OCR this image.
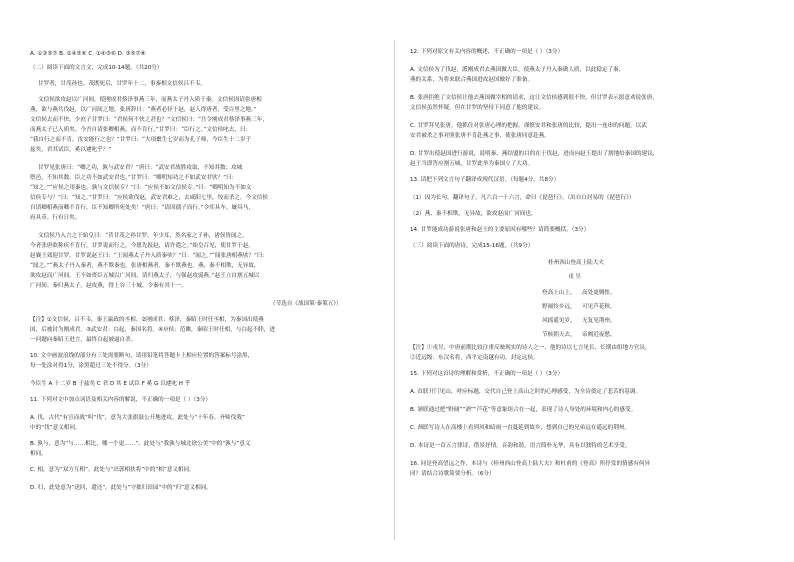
A. ①③⑤⑦ B. ②④⑤⑥ C. ①④⑤⑥ D. ③⑤⑦⑧
（二）阅读下面的文言文，完成10-14题。（共20分）
甘罗者，甘茂孙也。茂既死后，甘罗年十二，事秦相文信侯吕不韦。
文信侯欲攻赵以广河间，使刚成君蔡泽事燕三年，而燕太子丹入质于秦。文信侯因请张唐相
燕，欲与燕共伐赵，以广河间之地。张唐辞曰：“燕者必径于赵，赵人得唐者，受百里之地。”
文信侯去而不快。少庶子甘罗曰：“君侯何不快之甚也？”文信侯曰：“吾令刚成君蔡泽事燕三年，
而燕太子已入质矣。今吾自请张卿相燕，而不肯行。”甘罗曰：“臣行之。”文信侯叱去，曰：
“我自行之而不肯，汝安能行之也？”甘罗曰：“夫项橐生七岁而为孔子师，今臣生十二岁于
兹矣，君其试臣，奚以遽叱乎？”
甘罗见张唐曰：“卿之功，孰与武安君？”唐曰：“武安君战胜攻取，不知其数；攻城
堕邑，不知其数。臣之功不如武安君也。”甘罗曰：“卿明知功之不如武安君欤？”曰：
“知之。”“应侯之用秦也，孰与文信侯专？”曰：“应侯不如文信侯专。”曰：“卿明知为不如文
信侯专与？”曰：“知之。”甘罗曰：“应侯欲伐赵，武安君难之，去咸阳七里，绞而杀之。今文信侯
自请卿相燕而卿不肯行，臣不知卿所死处矣！”唐曰：“请因孺子而行。”令库具车，厩具马，
府具币。行有日矣。
文信侯乃入言之于始皇曰：“昔甘茂之孙甘罗，年少耳，然名家之子孙，诸侯皆闻之。
今者张唐欲称疾不肯行，甘罗说而行之。今愿先报赵，请许遣之。”始皇召见，使甘罗于赵。
赵襄王郊迎甘罗。甘罗说赵王曰：“王闻燕太子丹入质秦欤？”曰：“闻之。”“闻张唐相燕欤？”曰：
“闻之。”“燕太子丹入秦者，燕不欺秦也。张唐相燕者，秦不欺燕也。燕、秦不相欺，无异故，
欲攻赵而广河间。王不如赍臣五城以广河间，请归燕太子，与强赵攻弱燕。”赵王立自割五城以
广河间。秦归燕太子。赵攻燕，得上谷三十城，令秦有其十一。
（节选自《战国策·秦策五》）
【注】①文信侯，吕不韦，秦王嬴政的丞相。②刚成君：蔡泽，秦昭王时任丞相，为秦国出使燕
国，后被封为刚成君。③武安君：白起，秦国名将。④应侯：范雎，秦昭王时任相，与白起不睦，进
一问题向秦昭王进言，最终白起被逼自杀。
10. 文中画波浪线的部分有三处需要断句，请用铅笔将答题卡上相应位置的答案标号涂黑，
每一处涂对得1分，涂黑超过三处不得分。（3分）
今臣生 A 十二岁 B 于兹矣 C 君 D 其 E 试臣 F 奚 G 以遽叱 H 乎
11. 下列对文中加点词语及相关内容的解说，不正确的一项是（ ）（3分）
A. 伐，古代“有宣而战”叫“伐”，意为大张旗鼓公开地进攻。此处与“十年春，齐师伐我”
中的“伐”意义相同。
B. 孰与，意为“与……相比，哪一个更……”。此处与“我孰与城北徐公美”中的“孰与”意义
相同。
C. 相，意为“双方互相”。此处与“出郭相扶将”中的“相”意义相同。
D. 归，此处意为“送回，遣还”。此处与“守拙归田园”中的“归”意义相同。
12. 下列对原文有关内容的概述，不正确的一项是（ ）（3分）
A. 文信侯为了伐赵，派刚成君去燕国做大臣，使燕太子丹入秦做人质，以此稳定了秦、
燕的关系，为将来联合燕国进攻赵国做好了准备。
B. 张唐拒绝了文信侯让他去燕国做宰相的请求，这让文信侯感到很不快，但甘罗表示愿意劝说张唐，
文信侯虽然怀疑，但在甘罗的坚持下同意了他的建议。
C. 甘罗拜见张唐，他抓住对张唐心理的把握，谨慎安君和张唐的比较，提出一连串的问题，以武
安君被杀之事对照张唐不肯赴燕之事，使张唐同意赴燕。
D. 甘罗出使赵国进行游说，说明秦、燕结盟的目的在于伐赵，进而向赵王提出了割地给秦国的建议，
赵王当即答应割五城，甘罗此举为秦国立了大功。
13. 请把下列文言句子翻译成现代汉语。（每题4分，共8分）
（1）因为长句。翻译句子。凡六百一十六言，命曰《琵琶行》。（出自白居易的《琵琶行》）
（2）燕、秦不相欺，无异故，欲攻赵而广河间也。
14. 甘罗能成功游说张唐和赵王的主要原因有哪些？请简要概括。（3分）
（三）阅读下面的唐诗，完成15-16题。（共9分）
桂州西山登高上陆大夫
戎 昱
登高上山上， 高处更惆怅。
野阔怜乡远， 可见芦花秋。
风摇遥见岁， 无复见荆州。
节候朝天去， 帝阙近夜愁。
【注】①戎昱，中唐前期比较注重反映现实的诗人之一。他的诗以七言见长，长期由组地方官员，
②近远级：东汉名将，西平定南越有功，封定远侯。
15. 下列对这首诗的理解和赏析，不正确的一项是（ ）（3分）
A. 首联开门见山，呼应标题，交代自己登上高山之时的心理感受，为全诗奠定了悲苦的基调。
B. 颔联通过把“野阔”“酒”“芦花”等意象组合在一起，表现了诗人身处的环境和内心的感受。
C. 颈联写诗人在高楼上看到风和暗雨一直蔓延到故乡，想到自己的兄弟远在遥远的荆州。
D. 本诗是一首五言律诗，借景抒情，音韵和谐，语言简朴无华，具有以独特的艺术享受。
16. 同是登高望远之作，本诗与《桂州西山登高上陆大夫》和杜甫的《登高》所抒发的情感有何异
同？请结合诗歌简要分析。（6分）
